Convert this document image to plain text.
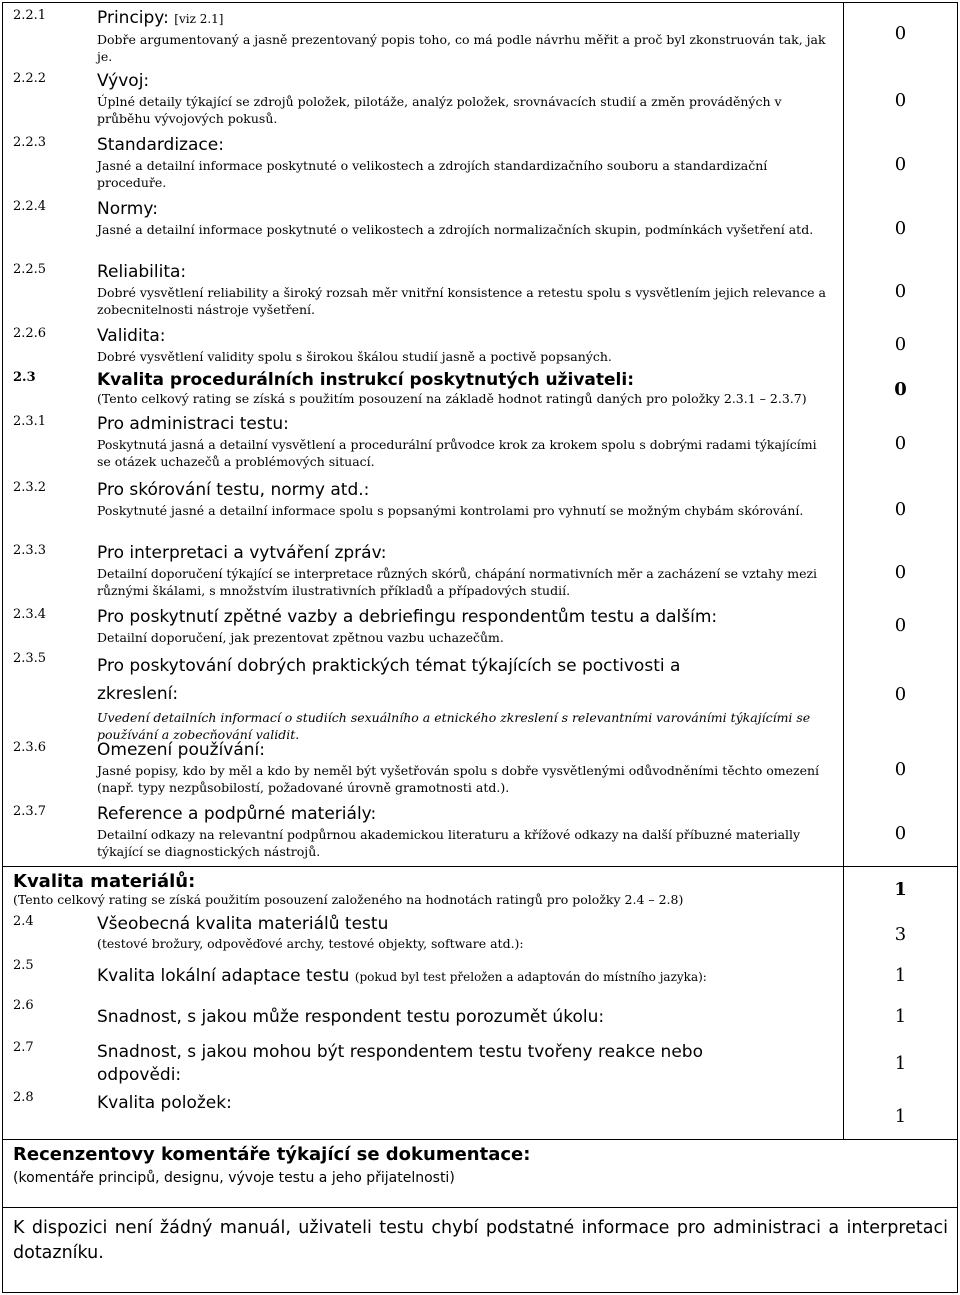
2.2.1	Principy: [viz 2.1]
Dobře argumentovaný a jasně prezentovaný popis toho, co má podle návrhu měřit a proč byl zkonstruován tak, jak je.
0
2.2.2	Vývoj:
Úplné detaily týkající se zdrojů položek, pilotáže, analýz položek, srovnávacích studií a změn prováděných v průběhu vývojových pokusů.
0
2.2.3	Standardizace:
Jasné a detailní informace poskytnuté o velikostech a zdrojích standardizačního souboru a standardizační proceduře.
0
2.2.4	Normy:
Jasné a detailní informace poskytnuté o velikostech a zdrojích normalizačních skupin, podmínkách vyšetření atd.	0
2.2.5	Reliabilita:
Dobré vysvětlení reliability a široký rozsah měr vnitřní konsistence a retestu spolu s vysvětlením jejich relevance a zobecnitelnosti nástroje vyšetření.
0
2.2.6	Validita:
Dobré vysvětlení validity spolu s širokou škálou studií jasně a poctivě popsaných.
0
2.3	Kvalita procedurálních instrukcí poskytnutých uživateli:
(Tento celkový rating se získá s použitím posouzení na základě hodnot ratingů daných pro položky 2.3.1 – 2.3.7)	0
2.3.1	Pro administraci testu:
Poskytnutá jasná a detailní vysvětlení a procedurální průvodce krok za krokem spolu s dobrými radami týkajícími se otázek uchazečů a problémových situací.
0
2.3.2	Pro skórování testu, normy atd.:
Poskytnuté jasné a detailní informace spolu s popsanými kontrolami pro vyhnutí se možným chybám skórování.	0
2.3.3	Pro interpretaci a vytváření zpráv:
Detailní doporučení týkající se interpretace různých skórů, chápání normativních měr a zacházení se vztahy mezi různými škálami, s množstvím ilustrativních příkladů a případových studií.
0
2.3.4	Pro poskytnutí zpětné vazby a debriefingu respondentům testu a dalším:
Detailní doporučení, jak prezentovat zpětnou vazbu uchazečům.
0
2.3.5	Pro poskytování dobrých praktických témat týkajících se poctivosti a
zkreslení:
Uvedení detailních informací o studiích sexuálního a etnického zkreslení s relevantními varováními týkajícími se používání a zobecňování validit.
0
2.3.6	Omezení používání:
Jasné popisy, kdo by měl a kdo by neměl být vyšetřován spolu s dobře vysvětlenými odůvodněními těchto omezení (např. typy nezpůsobilostí, požadované úrovně gramotnosti atd.).
0
2.3.7	Reference a podpůrné materiály:
Detailní odkazy na relevantní podpůrnou akademickou literaturu a křížové odkazy na další příbuzné materially týkající se diagnostických nástrojů.
0
Kvalita materiálů:
(Tento celkový rating se získá použitím posouzení založeného na hodnotách ratingů pro položky 2.4 – 2.8)	1
2.4	Všeobecná kvalita materiálů testu
(testové brožury, odpověďové archy, testové objekty, software atd.):	3
2.5
Kvalita lokální adaptace testu (pokud byl test přeložen a adaptován do místního jazyka):	1
2.6
Snadnost, s jakou může respondent testu porozumět úkolu:	1
2.7	Snadnost, s jakou mohou být respondentem testu tvořeny reakce nebo
odpovědi:
1
2.8	Kvalita položek:
1
Recenzentovy komentáře týkající se dokumentace:
(komentáře principů, designu, vývoje testu a jeho přijatelnosti)
K dispozici není žádný manuál, uživateli testu chybí podstatné informace pro administraci a interpretaci dotazníku.
